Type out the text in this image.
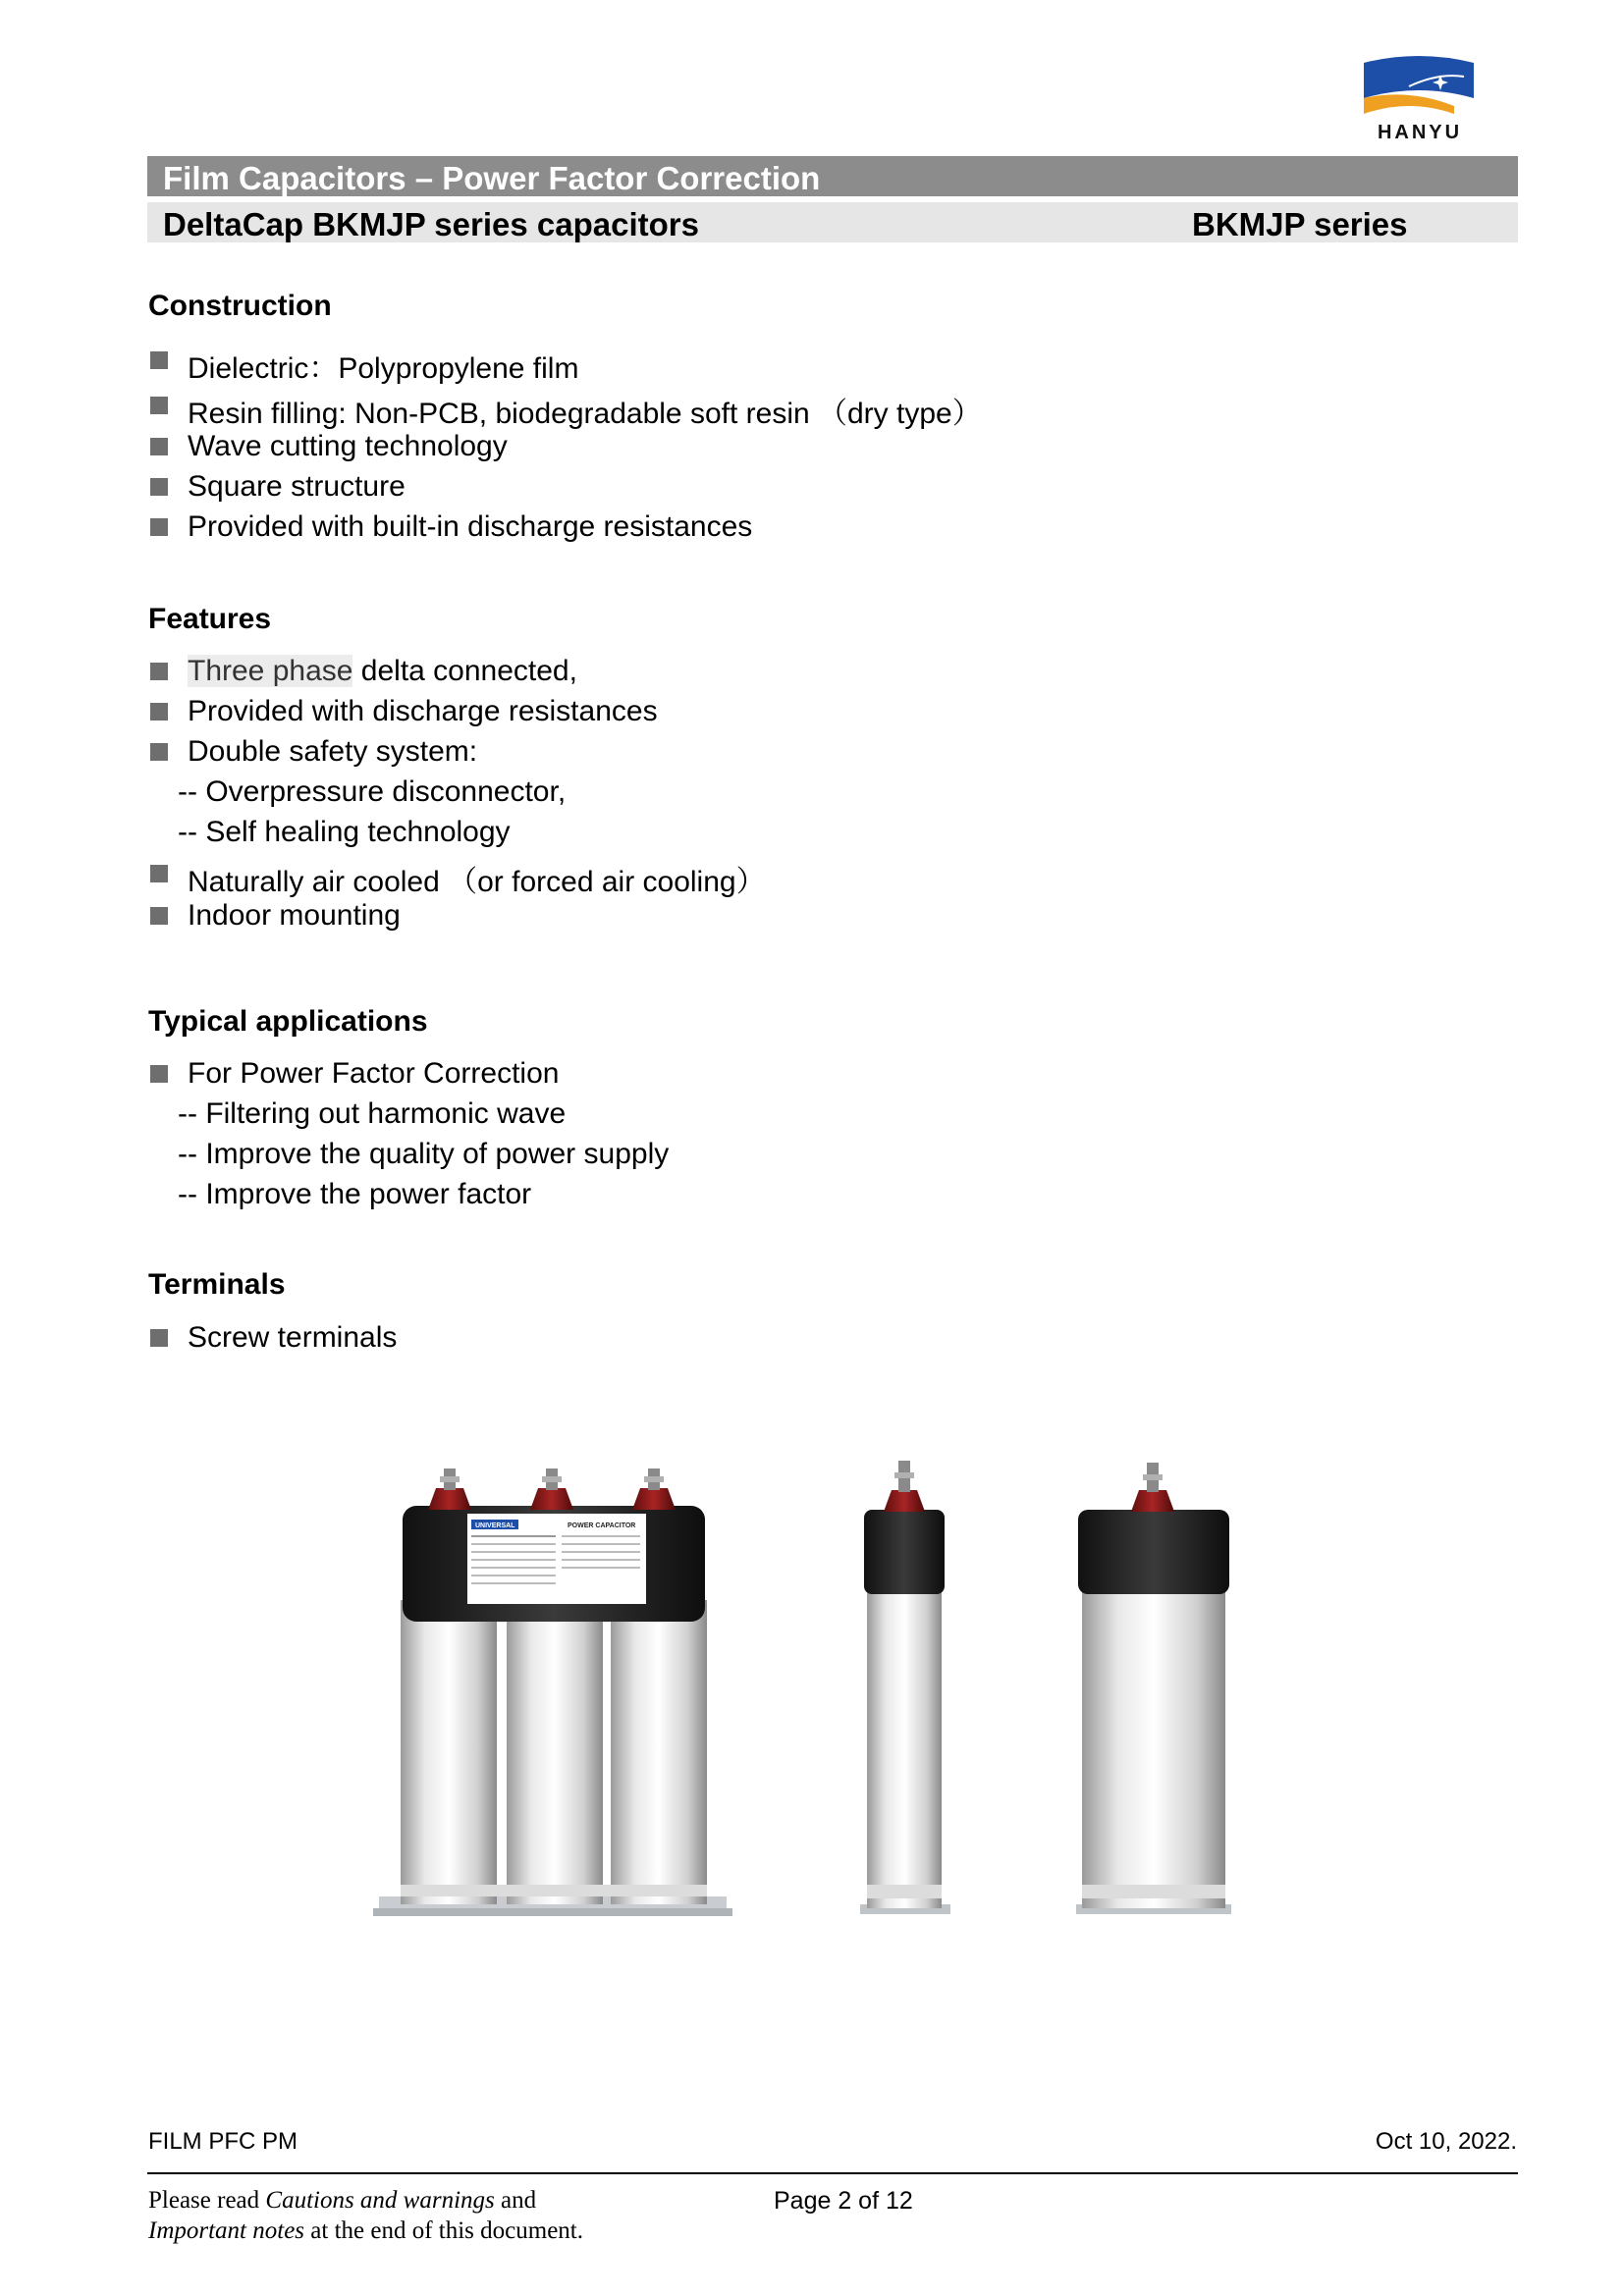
HANYU
Film Capacitors – Power Factor Correction
DeltaCap BKMJP series capacitors	BKMJP series
Construction
Dielectric：Polypropylene film
Resin filling: Non-PCB, biodegradable soft resin （dry type）
Wave cutting technology
Square structure
Provided with built-in discharge resistances
Features
Three phase delta connected,
Provided with discharge resistances
Double safety system:
-- Overpressure disconnector,
-- Self healing technology
Naturally air cooled （or forced air cooling）
Indoor mounting
Typical applications
For Power Factor Correction
-- Filtering out harmonic wave
-- Improve the quality of power supply
-- Improve the power factor
Terminals
Screw terminals
UNIVERSAL	POWER CAPACITOR
FILM PFC PM	Oct 10, 2022.
Please read Cautions and warnings and
Important notes at the end of this document.
Page 2 of 12
